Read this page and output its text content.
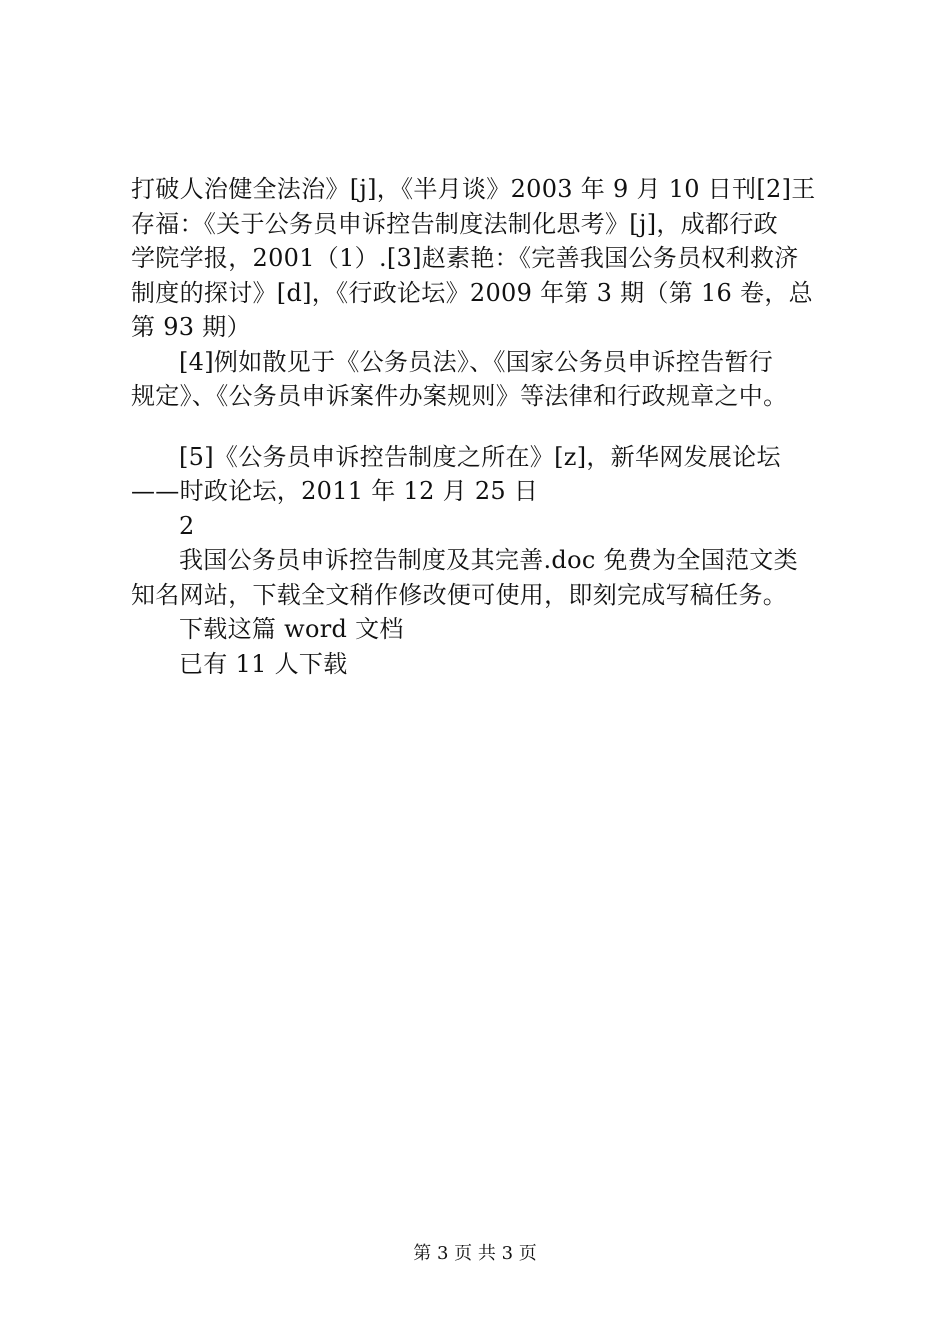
打破人治健全法治》[j]，《半月谈》2003 年 9 月 10 日刊[2]王
存福：《关于公务员申诉控告制度法制化思考》[j]，成都行政
学院学报，2001（1）.[3]赵素艳：《完善我国公务员权利救济
制度的探讨》[d]，《行政论坛》2009 年第 3 期（第 16 卷，总
第 93 期）
[4]例如散见于《公务员法》、《国家公务员申诉控告暂行
规定》、《公务员申诉案件办案规则》等法律和行政规章之中。
[5]《公务员申诉控告制度之所在》[z]，新华网发展论坛
——时政论坛，2011 年 12 月 25 日
2
我国公务员申诉控告制度及其完善.doc 免费为全国范文类
知名网站，下载全文稍作修改便可使用，即刻完成写稿任务。
下载这篇 word 文档
已有 11 人下载
第 3 页 共 3 页
